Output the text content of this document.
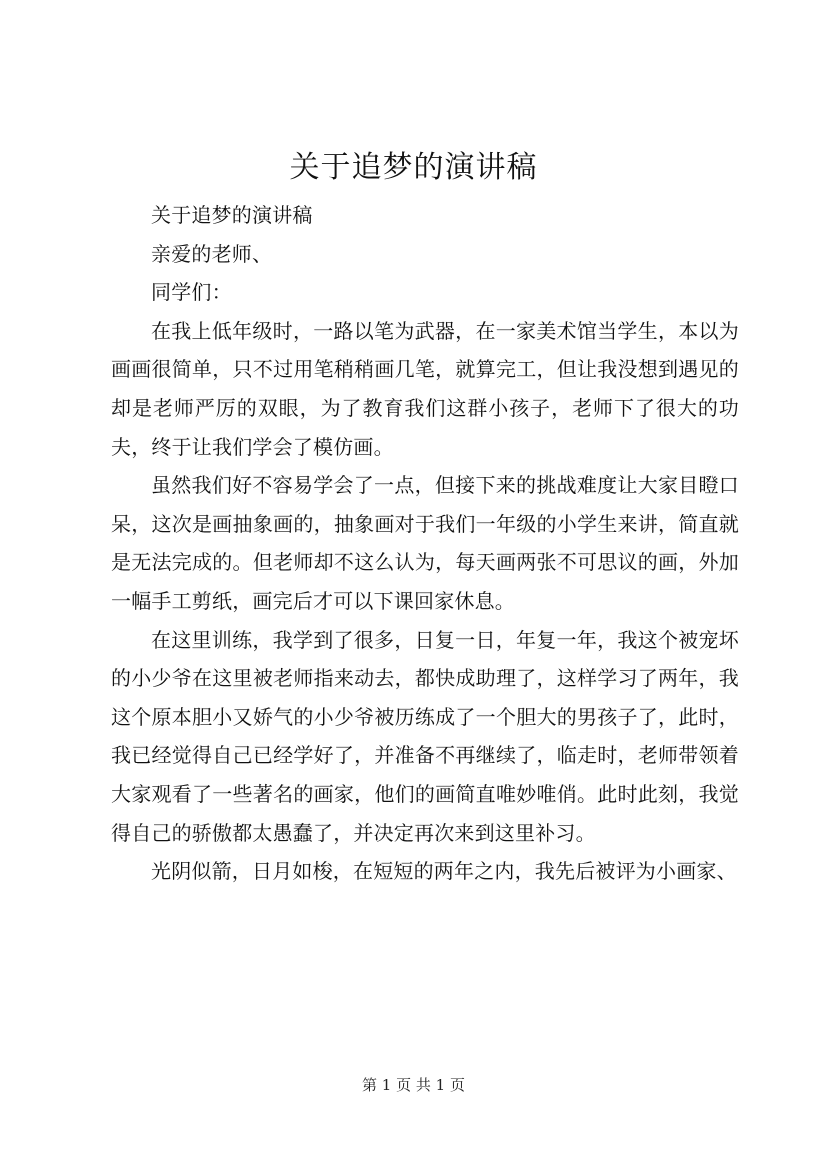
关于追梦的演讲稿

关于追梦的演讲稿

亲爱的老师、

同学们：

在我上低年级时，一路以笔为武器，在一家美术馆当学生，本以为画画很简单，只不过用笔稍稍画几笔，就算完工，但让我没想到遇见的却是老师严厉的双眼，为了教育我们这群小孩子，老师下了很大的功夫，终于让我们学会了模仿画。

虽然我们好不容易学会了一点，但接下来的挑战难度让大家目瞪口呆，这次是画抽象画的，抽象画对于我们一年级的小学生来讲，简直就是无法完成的。但老师却不这么认为，每天画两张不可思议的画，外加一幅手工剪纸，画完后才可以下课回家休息。

在这里训练，我学到了很多，日复一日，年复一年，我这个被宠坏的小少爷在这里被老师指来动去，都快成助理了，这样学习了两年，我这个原本胆小又娇气的小少爷被历练成了一个胆大的男孩子了，此时，我已经觉得自己已经学好了，并准备不再继续了，临走时，老师带领着大家观看了一些著名的画家，他们的画简直唯妙唯俏。此时此刻，我觉得自己的骄傲都太愚蠢了，并决定再次来到这里补习。

光阴似箭，日月如梭，在短短的两年之内，我先后被评为小画家、

第 1 页 共 1 页
